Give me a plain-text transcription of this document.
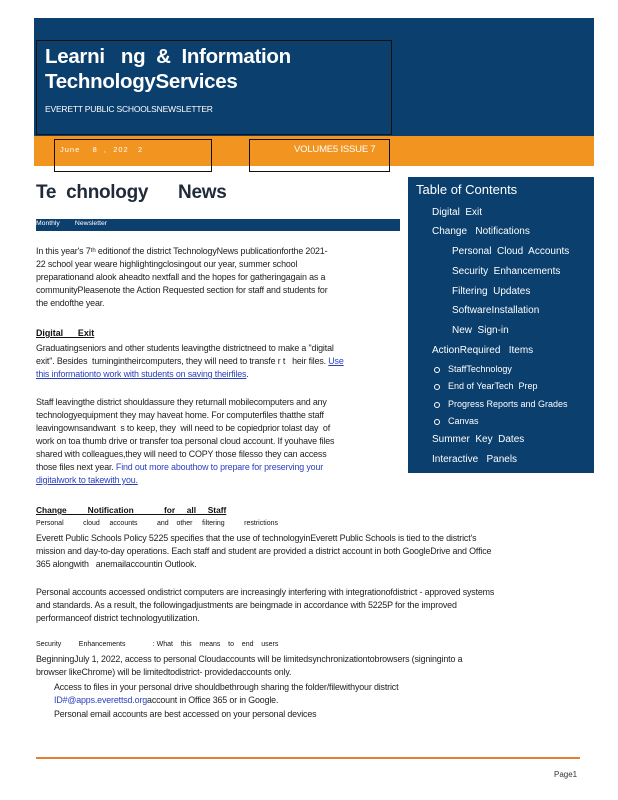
Learni   ng  &  Information
TechnologyServices
EVERETT PUBLIC SCHOOLSNEWSLETTER
June    8  ,  202   2	VOLUME5 ISSUE 7
Te  chnology      News
Monthly        Newsletter
In this year's 7ᵗʰ editionof the district TechnologyNews publicationforthe 2021-
22 school year weare highlightingclosingout our year, summer school
preparationand alook aheadto nextfall and the hopes for gatheringagain as a
communityPleasenote the Action Requested section for staff and students for
the endofthe year.
Digital      Exit
Graduatingseniors and other students leavingthe districtneed to make a "digital
exit". Besides  turningintheircomputers, they will need to transfe r t   heir files. Use
this informationto work with students on saving theirfiles.
Staff leavingthe district shouldassure they returnall mobilecomputers and any
technologyequipment they may haveat home. For computerfiles thatthe staff
leavingownsandwant  s to keep, they  will need to be copiedprior tolast day  of
work on toa thumb drive or transfer toa personal cloud account. If youhave files
shared with colleagues,they will need to COPY those filesso they can access
those files next year. Find out more abouthow to prepare for preserving your
digitalwork to takewith you.
Change         Notification             for     all     Staff
Personal          cloud     accounts          and    other     filtering          restrictions
Everett Public Schools Policy 5225 specifies that the use of technologyinEverett Public Schools is tied to the district's
mission and day-to-day operations. Each staff and student are provided a district account in both GoogleDrive and Office
365 alongwith   anemailaccountin Outlook.
Personal accounts accessed ondistrict computers are increasingly interfering with integrationofdistrict - approved systems
and standards. As a result, the followingadjustments are beingmade in accordance with 5225P for the improved
performanceof district technologyutilization.
Security         Enhancements              : What    this    means    to    end    users
BeginningJuly 1, 2022, access to personal Cloudaccounts will be limitedsynchronizationtobrowsers (signinginto a
browser likeChrome) will be limitedtodistrict- providedaccounts only.
Access to files in your personal drive shouldbethrough sharing the folder/filewithyour district
ID#@apps.everettsd.orgaccount in Office 365 or in Google.
Personal email accounts are best accessed on your personal devices
Table of Contents
Digital  Exit
Change   Notifications
Personal  Cloud  Accounts
Security  Enhancements
Filtering  Updates
SoftwareInstallation
New  Sign-in
ActionRequired   Items
StaffTechnology
End of YearTech  Prep
Progress Reports and Grades
Canvas
Summer  Key  Dates
Interactive   Panels
Page1
